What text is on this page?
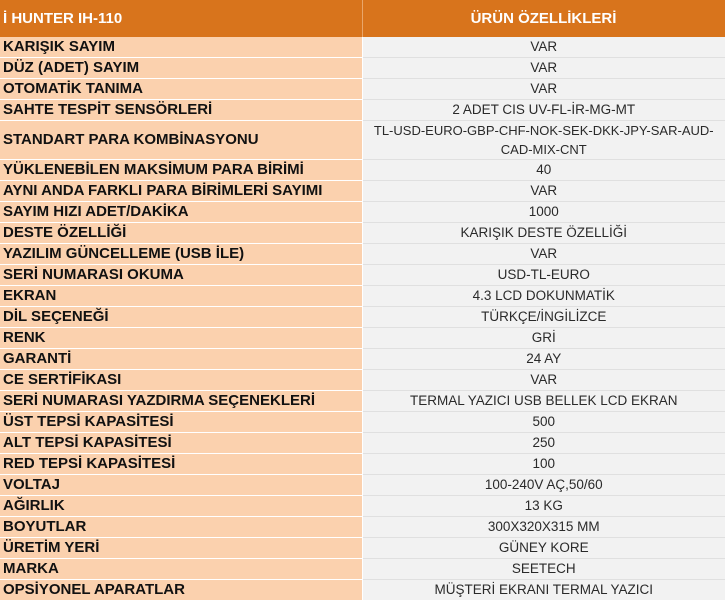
İ HUNTER IH-110	ÜRÜN ÖZELLİKLERİ
KARIŞIK SAYIM	VAR
DÜZ (ADET) SAYIM	VAR
OTOMATİK TANIMA	VAR
SAHTE TESPİT SENSÖRLERİ	2 ADET CIS UV-FL-İR-MG-MT
STANDART PARA KOMBİNASYONU	TL-USD-EURO-GBP-CHF-NOK-SEK-DKK-JPY-SAR-AUD-
CAD-MIX-CNT
YÜKLENEBİLEN MAKSİMUM PARA BİRİMİ	40
AYNI ANDA FARKLI PARA BİRİMLERİ SAYIMI	VAR
SAYIM HIZI ADET/DAKİKA	1000
DESTE ÖZELLİĞİ	KARIŞIK DESTE ÖZELLİĞİ
YAZILIM GÜNCELLEME (USB İLE)	VAR
SERİ NUMARASI OKUMA	USD-TL-EURO
EKRAN	4.3 LCD DOKUNMATİK
DİL SEÇENEĞİ	TÜRKÇE/İNGİLİZCE
RENK	GRİ
GARANTİ	24 AY
CE SERTİFİKASI	VAR
SERİ NUMARASI YAZDIRMA SEÇENEKLERİ	TERMAL YAZICI USB BELLEK LCD EKRAN
ÜST TEPSİ KAPASİTESİ	500
ALT TEPSİ KAPASİTESİ	250
RED TEPSİ KAPASİTESİ	100
VOLTAJ	100-240V AÇ,50/60
AĞIRLIK	13 KG
BOYUTLAR	300X320X315 MM
ÜRETİM YERİ	GÜNEY KORE
MARKA	SEETECH
OPSİYONEL APARATLAR	MÜŞTERİ EKRANI TERMAL YAZICI
